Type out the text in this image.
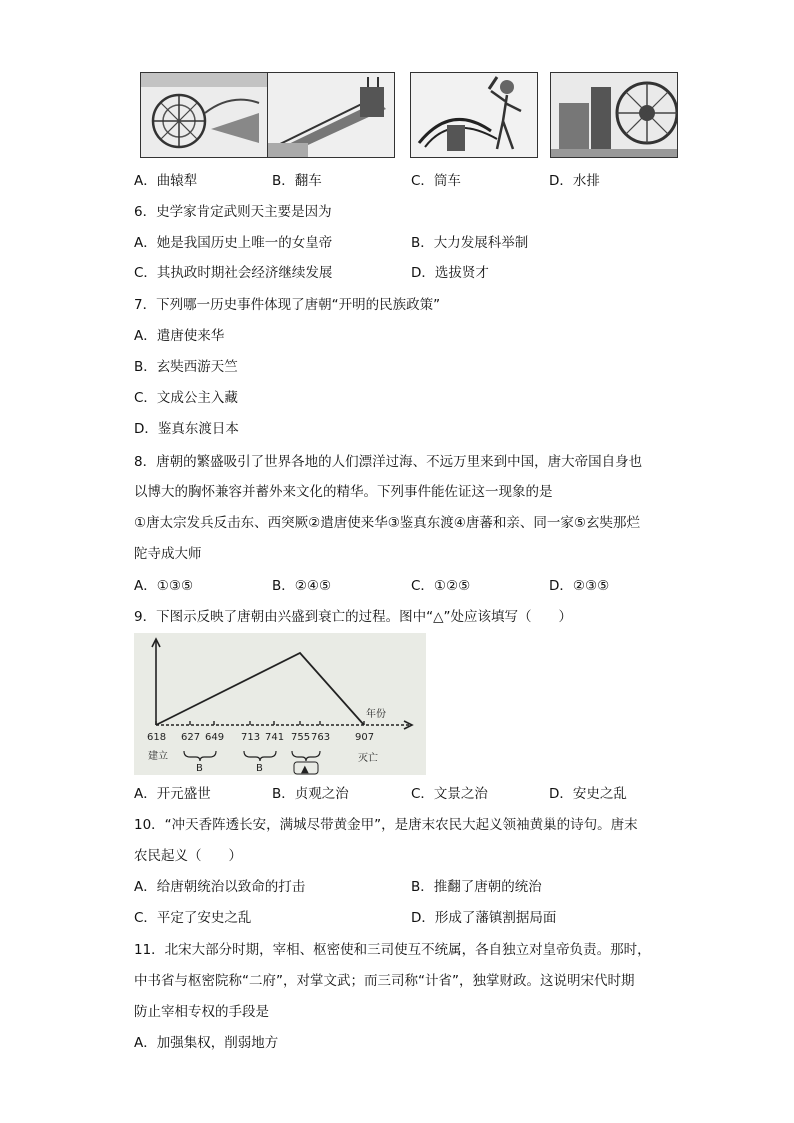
A．曲辕犁	B．翻车	C．筒车	D．水排
6．史学家肯定武则天主要是因为
A．她是我国历史上唯一的女皇帝	B．大力发展科举制
C．其执政时期社会经济继续发展	D．选拔贤才
7．下列哪一历史事件体现了唐朝“开明的民族政策”
A．遣唐使来华
B．玄奘西游天竺
C．文成公主入藏
D．鉴真东渡日本
8．唐朝的繁盛吸引了世界各地的人们漂洋过海、不远万里来到中国，唐大帝国自身也
以博大的胸怀兼容并蓄外来文化的精华。下列事件能佐证这一现象的是
①唐太宗发兵反击东、西突厥②遣唐使来华③鉴真东渡④唐蕃和亲、同一家⑤玄奘那烂
陀寺成大师
A．①③⑤	B．②④⑤	C．①②⑤	D．②③⑤
9．下图示反映了唐朝由兴盛到衰亡的过程。图中“△”处应该填写（　　）
年份
618 627 649 713 741 755 763 907
B	B	▲
建立	灭亡
A．开元盛世	B．贞观之治	C．文景之治	D．安史之乱
10．“冲天香阵透长安，满城尽带黄金甲”，是唐末农民大起义领袖黄巢的诗句。唐末
农民起义（　　）
A．给唐朝统治以致命的打击	B．推翻了唐朝的统治
C．平定了安史之乱	D．形成了藩镇割据局面
11．北宋大部分时期，宰相、枢密使和三司使互不统属，各自独立对皇帝负责。那时，
中书省与枢密院称“二府”，对掌文武；而三司称“计省”，独掌财政。这说明宋代时期
防止宰相专权的手段是
A．加强集权，削弱地方
